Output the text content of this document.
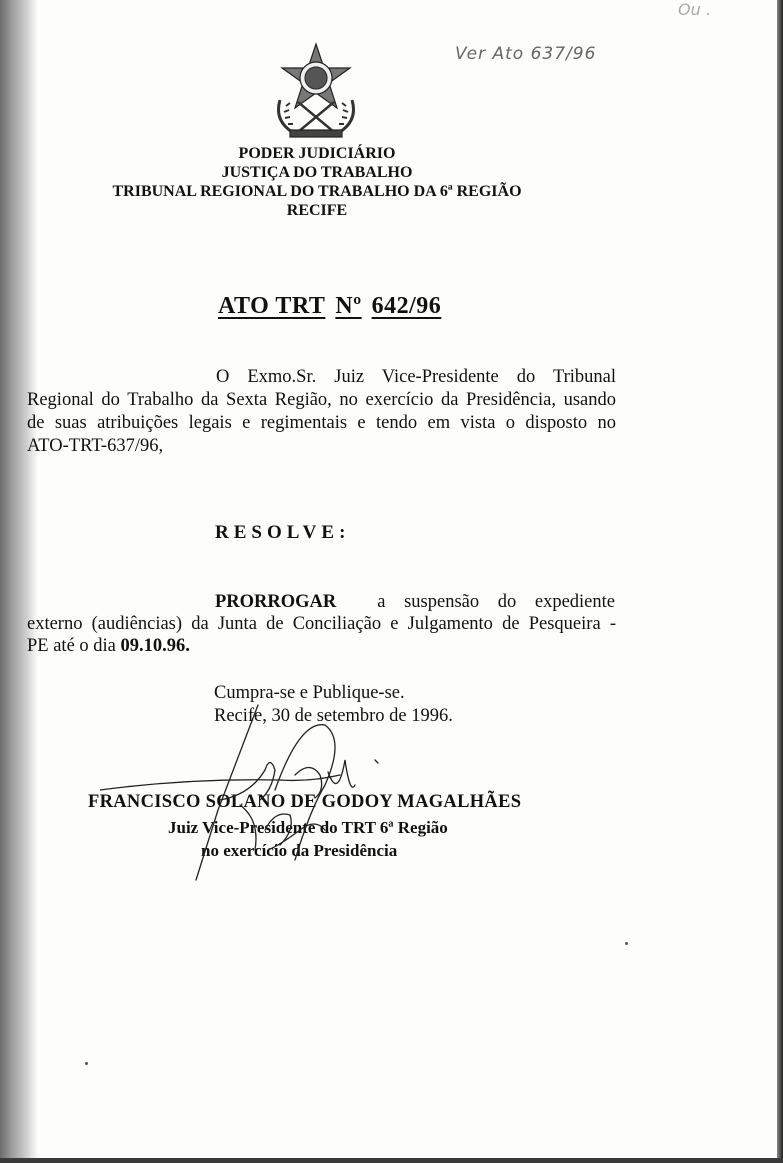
Ou .
Ver Ato 637/96
PODER JUDICIÁRIO
JUSTIÇA DO TRABALHO
TRIBUNAL REGIONAL DO TRABALHO DA 6ª REGIÃO
RECIFE
ATO TRT Nº 642/96
O Exmo.Sr. Juiz Vice-Presidente do Tribunal
Regional do Trabalho da Sexta Região, no exercício da Presidência, usando
de suas atribuições legais e regimentais e tendo em vista o disposto no
ATO-TRT-637/96,
RESOLVE:
PRORROGAR a suspensão do expediente
externo (audiências) da Junta de Conciliação e Julgamento de Pesqueira -
PE até o dia 09.10.96.
Cumpra-se e Publique-se.
Recife, 30 de setembro de 1996.
FRANCISCO SOLANO DE GODOY MAGALHÃES
Juiz Vice-Presidente do TRT 6ª Região
no exercício da Presidência
